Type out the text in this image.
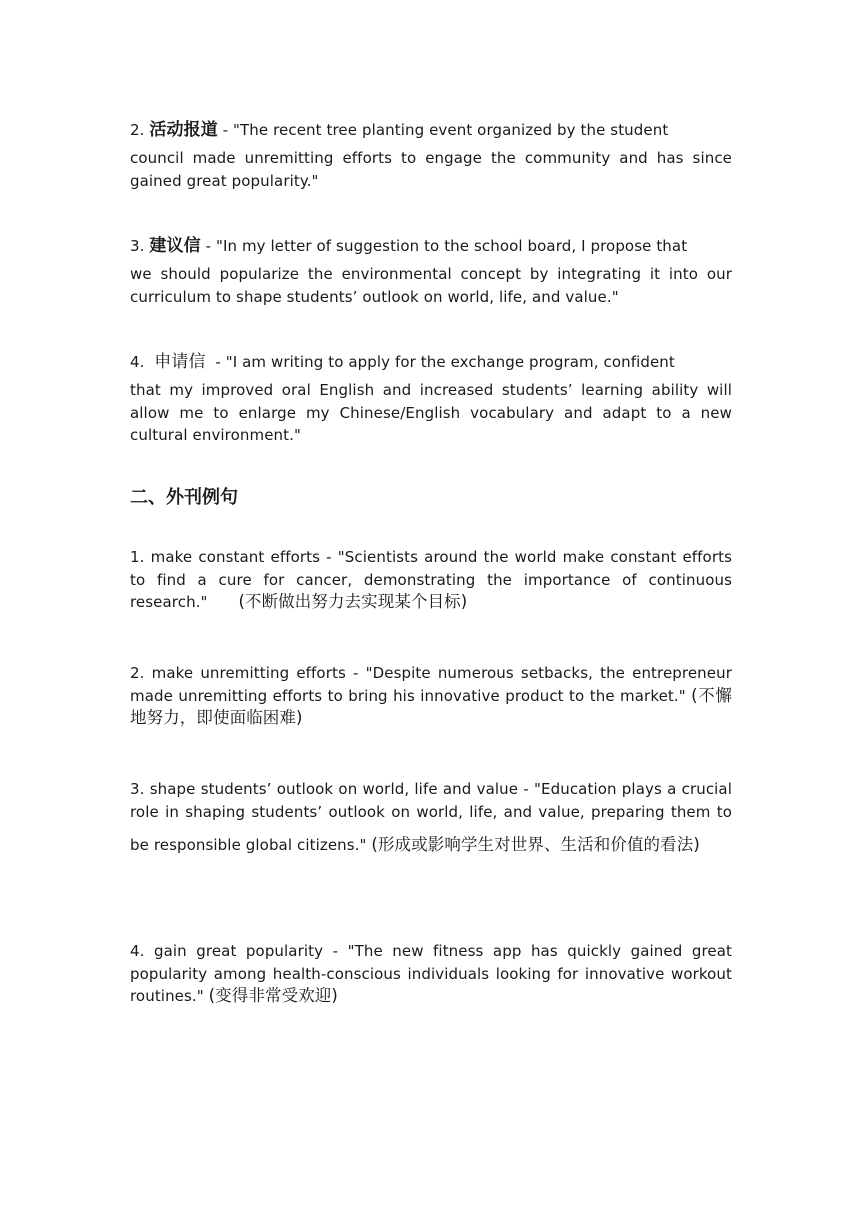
2. 活动报道 - "The recent tree planting event organized by the student
council made unremitting efforts to engage the community and has since gained great popularity."
3. 建议信 - "In my letter of suggestion to the school board, I propose that
we should popularize the environmental concept by integrating it into our curriculum to shape students’ outlook on world, life, and value."
4. 申请信  - "I am writing to apply for the exchange program, confident
that my improved oral English and increased students’ learning ability will allow me to enlarge my Chinese/English vocabulary and adapt to a new cultural environment."
二、外刊例句
1. make constant efforts - "Scientists around the world make constant efforts to find a cure for cancer, demonstrating the importance of continuous research." (不断做出努力去实现某个目标)
2. make unremitting efforts - "Despite numerous setbacks, the entrepreneur made unremitting efforts to bring his innovative product to the market." (不懈地努力，即使面临困难)
3. shape students’ outlook on world, life and value - "Education plays a crucial role in shaping students’ outlook on world, life, and value, preparing them to be responsible global citizens." (形成或影响学生对世界、生活和价值的看法)
4. gain great popularity - "The new fitness app has quickly gained great popularity among health-conscious individuals looking for innovative workout routines." (变得非常受欢迎)
